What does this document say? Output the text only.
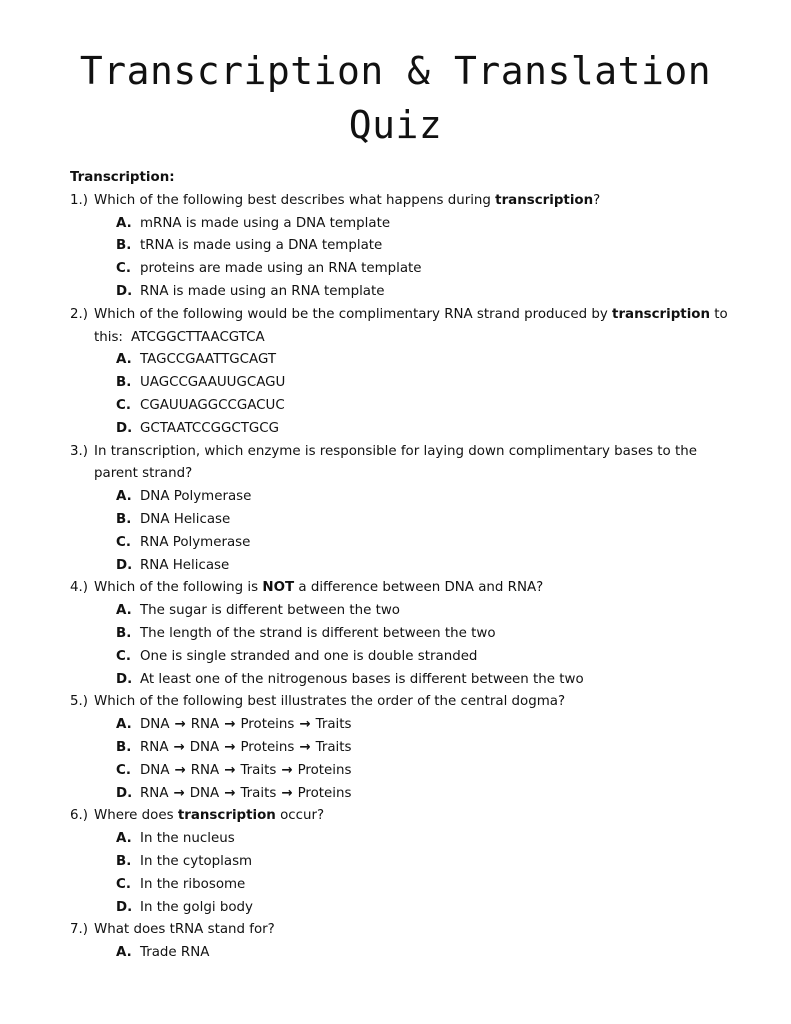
Transcription & Translation
Quiz
Transcription:
1.) Which of the following best describes what happens during transcription?
A. mRNA is made using a DNA template
B. tRNA is made using a DNA template
C. proteins are made using an RNA template
D. RNA is made using an RNA template
2.) Which of the following would be the complimentary RNA strand produced by transcription to this: ATCGGCTTAACGTCA
A. TAGCCGAATTGCAGT
B. UAGCCGAAUUGCAGU
C. CGAUUAGGCCGACUC
D. GCTAATCCGGCTGCG
3.) In transcription, which enzyme is responsible for laying down complimentary bases to the parent strand?
A. DNA Polymerase
B. DNA Helicase
C. RNA Polymerase
D. RNA Helicase
4.) Which of the following is NOT a difference between DNA and RNA?
A. The sugar is different between the two
B. The length of the strand is different between the two
C. One is single stranded and one is double stranded
D. At least one of the nitrogenous bases is different between the two
5.) Which of the following best illustrates the order of the central dogma?
A. DNA → RNA → Proteins → Traits
B. RNA → DNA → Proteins → Traits
C. DNA → RNA → Traits → Proteins
D. RNA → DNA → Traits → Proteins
6.) Where does transcription occur?
A. In the nucleus
B. In the cytoplasm
C. In the ribosome
D. In the golgi body
7.) What does tRNA stand for?
A. Trade RNA
